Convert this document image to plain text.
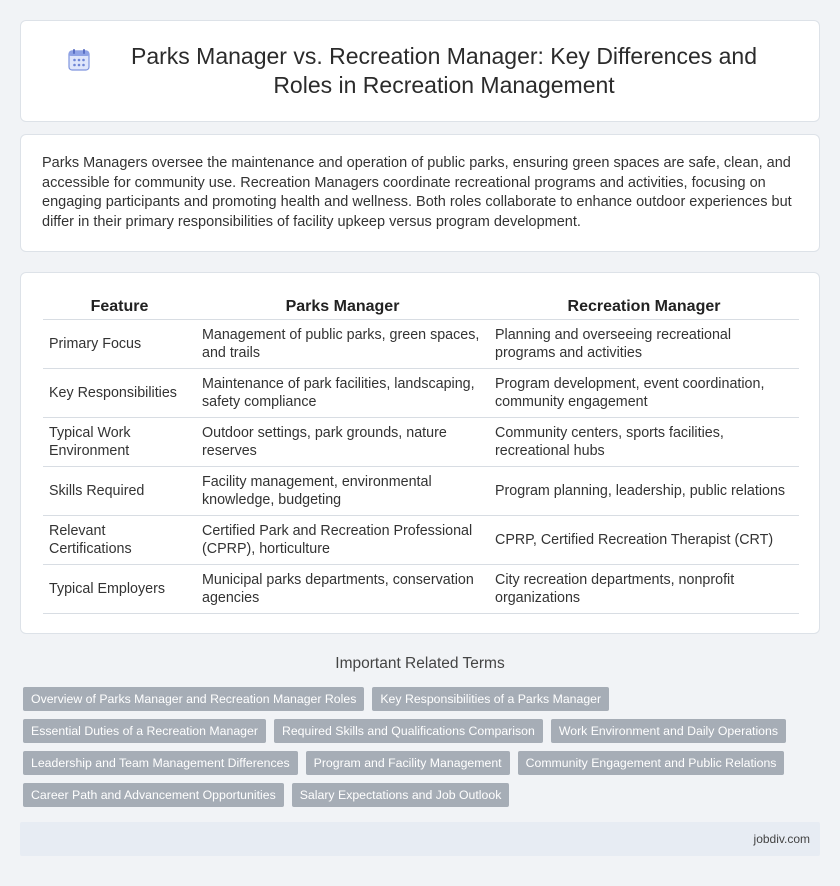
Parks Manager vs. Recreation Manager: Key Differences and Roles in Recreation Management

Parks Managers oversee the maintenance and operation of public parks, ensuring green spaces are safe, clean, and accessible for community use. Recreation Managers coordinate recreational programs and activities, focusing on engaging participants and promoting health and wellness. Both roles collaborate to enhance outdoor experiences but differ in their primary responsibilities of facility upkeep versus program development.

Feature	Parks Manager	Recreation Manager
Primary Focus	Management of public parks, green spaces, and trails	Planning and overseeing recreational programs and activities
Key Responsibilities	Maintenance of park facilities, landscaping, safety compliance	Program development, event coordination, community engagement
Typical Work Environment	Outdoor settings, park grounds, nature reserves	Community centers, sports facilities, recreational hubs
Skills Required	Facility management, environmental knowledge, budgeting	Program planning, leadership, public relations
Relevant Certifications	Certified Park and Recreation Professional (CPRP), horticulture	CPRP, Certified Recreation Therapist (CRT)
Typical Employers	Municipal parks departments, conservation agencies	City recreation departments, nonprofit organizations
Important Related Terms
Overview of Parks Manager and Recreation Manager Roles	Key Responsibilities of a Parks Manager
Essential Duties of a Recreation Manager	Required Skills and Qualifications Comparison	Work Environment and Daily Operations
Leadership and Team Management Differences	Program and Facility Management	Community Engagement and Public Relations
Career Path and Advancement Opportunities	Salary Expectations and Job Outlook
jobdiv.com
